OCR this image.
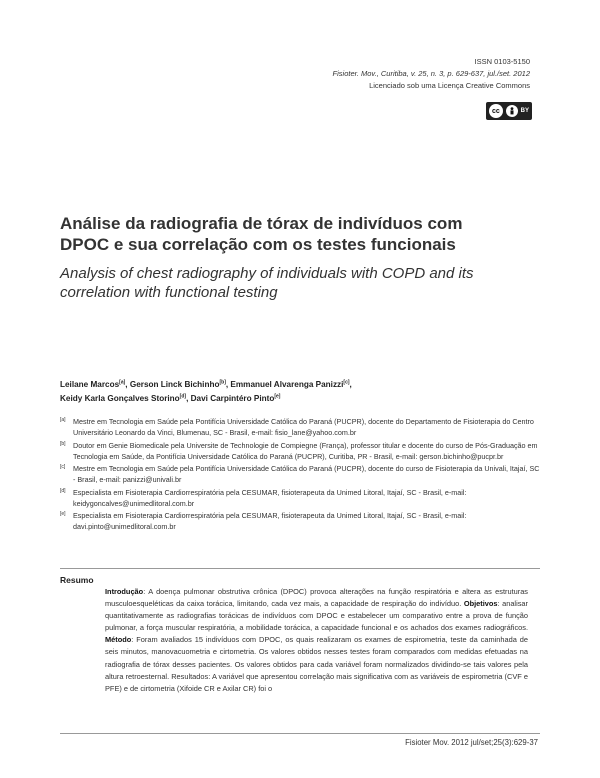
ISSN 0103-5150
Fisioter. Mov., Curitiba, v. 25, n. 3, p. 629-637, jul./set. 2012
Licenciado sob uma Licença Creative Commons
cc	BY
Análise da radiografia de tórax de indivíduos com DPOC e sua correlação com os testes funcionais
Analysis of chest radiography of individuals with COPD and its correlation with functional testing
Leilane Marcos[a], Gerson Linck Bichinho[b], Emmanuel Alvarenga Panizzi[c],
Keidy Karla Gonçalves Storino[d], Davi Carpintéro Pinto[e]
[a]	Mestre em Tecnologia em Saúde pela Pontifícia Universidade Católica do Paraná (PUCPR), docente do Departamento de Fisioterapia do Centro Universitário Leonardo da Vinci, Blumenau, SC - Brasil, e-mail: fisio_lane@yahoo.com.br
[b]	Doutor em Genie Biomedicale pela Universite de Technologie de Compiegne (França), professor titular e docente do curso de Pós-Graduação em Tecnologia em Saúde, da Pontifícia Universidade Católica do Paraná (PUCPR), Curitiba, PR - Brasil, e-mail: gerson.bichinho@pucpr.br
[c]	Mestre em Tecnologia em Saúde pela Pontifícia Universidade Católica do Paraná (PUCPR), docente do curso de Fisioterapia da Univali, Itajaí, SC - Brasil, e-mail: panizzi@univali.br
[d]	Especialista em Fisioterapia Cardiorrespiratória pela CESUMAR, fisioterapeuta da Unimed Litoral, Itajaí, SC - Brasil, e-mail: keidygoncalves@unimedlitoral.com.br
[e]	Especialista em Fisioterapia Cardiorrespiratória pela CESUMAR, fisioterapeuta da Unimed Litoral, Itajaí, SC - Brasil, e-mail: davi.pinto@unimedlitoral.com.br
Resumo
Introdução: A doença pulmonar obstrutiva crônica (DPOC) provoca alterações na função respiratória e altera as estruturas musculoesqueléticas da caixa torácica, limitando, cada vez mais, a capacidade de respiração do indivíduo. Objetivos: analisar quantitativamente as radiografias torácicas de indivíduos com DPOC e estabelecer um comparativo entre a prova de função pulmonar, a força muscular respiratória, a mobilidade torácica, a capacidade funcional e os achados dos exames radiográficos. Método: Foram avaliados 15 indivíduos com DPOC, os quais realizaram os exames de espirometria, teste da caminhada de seis minutos, manovacuometria e cirtometria. Os valores obtidos nesses testes foram comparados com medidas efetuadas na radiografia de tórax desses pacientes. Os valores obtidos para cada variável foram normalizados dividindo-se tais valores pela altura retroesternal. Resultados: A variável que apresentou correlação mais significativa com as variáveis de espirometria (CVF e PFE) e de cirtometria (Xifoide CR e Axilar CR) foi o
Fisioter Mov. 2012 jul/set;25(3):629-37
